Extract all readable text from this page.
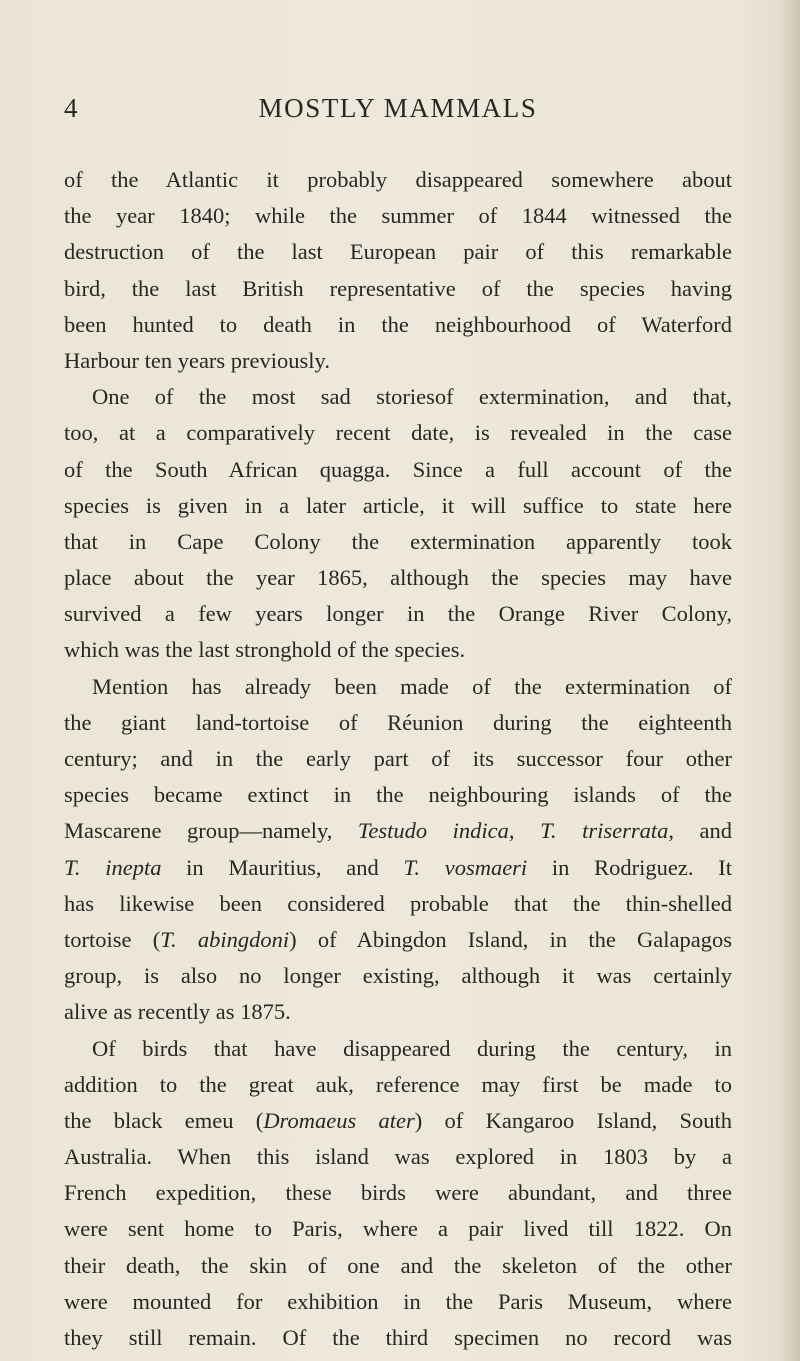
4	MOSTLY MAMMALS
of the Atlantic it probably disappeared somewhere about
the year 1840; while the summer of 1844 witnessed the
destruction of the last European pair of this remarkable
bird, the last British representative of the species having
been hunted to death in the neighbourhood of Waterford
Harbour ten years previously.
One of the most sad storiesof extermination, and that,
too, at a comparatively recent date, is revealed in the case
of the South African quagga. Since a full account of the
species is given in a later article, it will suffice to state here
that in Cape Colony the extermination apparently took
place about the year 1865, although the species may have
survived a few years longer in the Orange River Colony,
which was the last stronghold of the species.
Mention has already been made of the extermination of
the giant land-tortoise of Réunion during the eighteenth
century; and in the early part of its successor four other
species became extinct in the neighbouring islands of the
Mascarene group—namely, Testudo indica, T. triserrata, and
T. inepta in Mauritius, and T. vosmaeri in Rodriguez. It
has likewise been considered probable that the thin-shelled
tortoise (T. abingdoni) of Abingdon Island, in the Galapagos
group, is also no longer existing, although it was certainly
alive as recently as 1875.
Of birds that have disappeared during the century, in
addition to the great auk, reference may first be made to
the black emeu (Dromaeus ater) of Kangaroo Island, South
Australia. When this island was explored in 1803 by a
French expedition, these birds were abundant, and three
were sent home to Paris, where a pair lived till 1822. On
their death, the skin of one and the skeleton of the other
were mounted for exhibition in the Paris Museum, where
they still remain. Of the third specimen no record was
